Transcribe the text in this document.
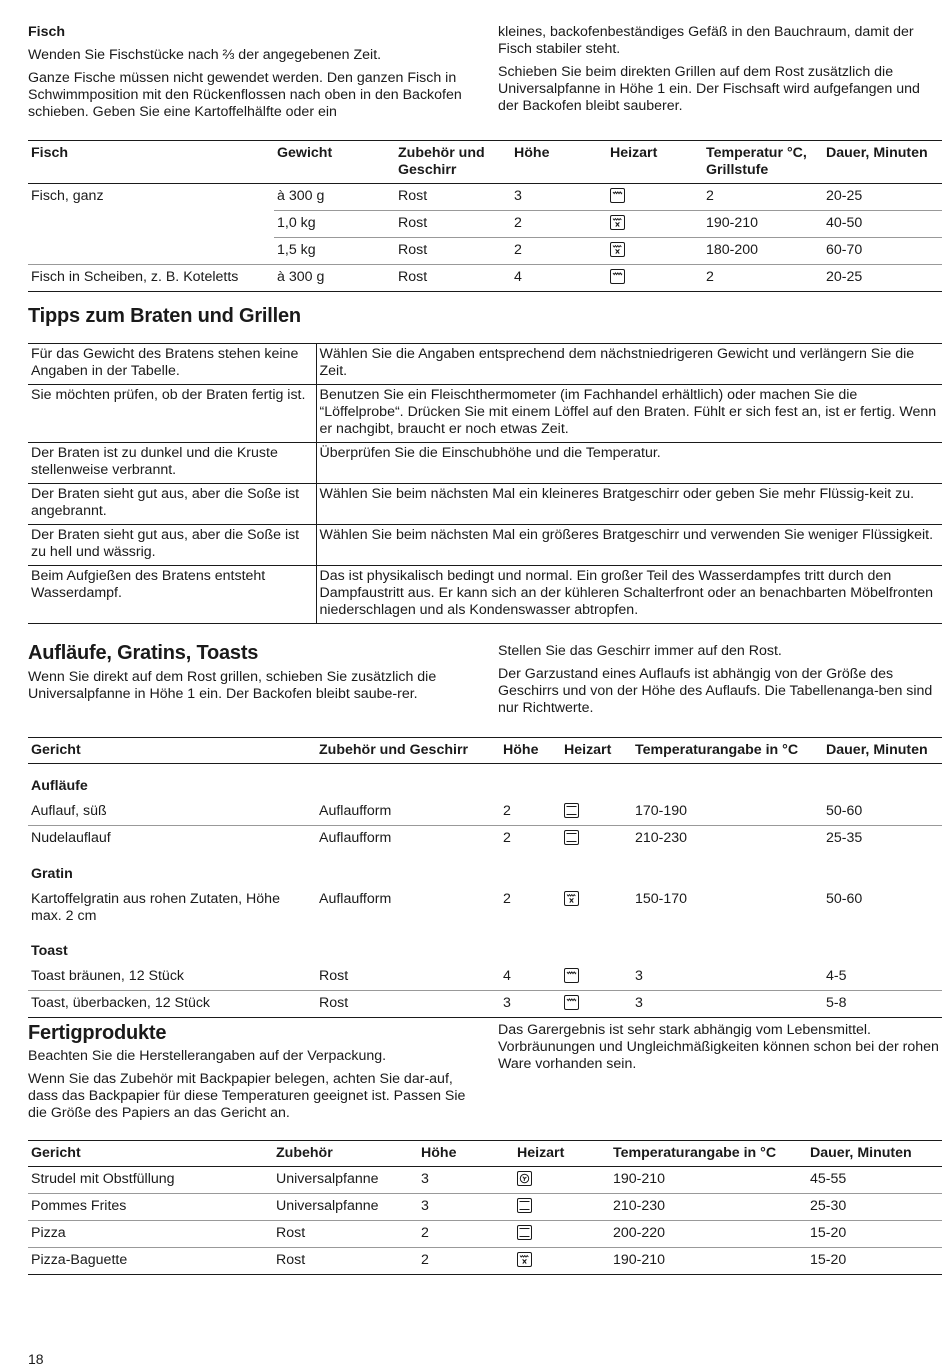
Fisch

Wenden Sie Fischstücke nach ⅔ der angegebenen Zeit.

Ganze Fische müssen nicht gewendet werden. Den ganzen Fisch in Schwimmposition mit den Rückenflossen nach oben in den Backofen schieben. Geben Sie eine Kartoffelhälfte oder ein

kleines, backofenbeständiges Gefäß in den Bauchraum, damit der Fisch stabiler steht.

Schieben Sie beim direkten Grillen auf dem Rost zusätzlich die Universalpfanne in Höhe 1 ein. Der Fischsaft wird aufgefangen und der Backofen bleibt sauberer.

Fisch	Gewicht	Zubehör und Geschirr	Höhe	Heizart	Temperatur °C, Grillstufe	Dauer, Minuten
Fisch, ganz	à 300 g	Rost	3		2	20-25
	1,0 kg	Rost	2		190-210	40-50
	1,5 kg	Rost	2		180-200	60-70
Fisch in Scheiben, z. B. Koteletts	à 300 g	Rost	4		2	20-25
Tipps zum Braten und Grillen
Für das Gewicht des Bratens stehen keine Angaben in der Tabelle.	Wählen Sie die Angaben entsprechend dem nächstniedrigeren Gewicht und verlängern Sie die Zeit.
Sie möchten prüfen, ob der Braten fertig ist.	Benutzen Sie ein Fleischthermometer (im Fachhandel erhältlich) oder machen Sie die “Löffelprobe“. Drücken Sie mit einem Löffel auf den Braten. Fühlt er sich fest an, ist er fertig. Wenn er nachgibt, braucht er noch etwas Zeit.
Der Braten ist zu dunkel und die Kruste stellenweise verbrannt.	Überprüfen Sie die Einschubhöhe und die Temperatur.
Der Braten sieht gut aus, aber die Soße ist angebrannt.	Wählen Sie beim nächsten Mal ein kleineres Bratgeschirr oder geben Sie mehr Flüssig-keit zu.
Der Braten sieht gut aus, aber die Soße ist zu hell und wässrig.	Wählen Sie beim nächsten Mal ein größeres Bratgeschirr und verwenden Sie weniger Flüssigkeit.
Beim Aufgießen des Bratens entsteht Wasserdampf.	Das ist physikalisch bedingt und normal. Ein großer Teil des Wasserdampfes tritt durch den Dampfaustritt aus. Er kann sich an der kühleren Schalterfront oder an benachbarten Möbelfronten niederschlagen und als Kondenswasser abtropfen.
Aufläufe, Gratins, Toasts

Wenn Sie direkt auf dem Rost grillen, schieben Sie zusätzlich die Universalpfanne in Höhe 1 ein. Der Backofen bleibt saube-rer.

Stellen Sie das Geschirr immer auf den Rost.

Der Garzustand eines Auflaufs ist abhängig von der Größe des Geschirrs und von der Höhe des Auflaufs. Die Tabellenanga-ben sind nur Richtwerte.

Gericht	Zubehör und Geschirr	Höhe	Heizart	Temperaturangabe in °C	Dauer, Minuten
Aufläufe					
Auflauf, süß	Auflaufform	2		170-190	50-60
Nudelauflauf	Auflaufform	2		210-230	25-35
Gratin					
Kartoffelgratin aus rohen Zutaten, Höhe max. 2 cm	Auflaufform	2		150-170	50-60
Toast					
Toast bräunen, 12 Stück	Rost	4		3	4-5
Toast, überbacken, 12 Stück	Rost	3		3	5-8
Fertigprodukte

Beachten Sie die Herstellerangaben auf der Verpackung.

Wenn Sie das Zubehör mit Backpapier belegen, achten Sie dar-auf, dass das Backpapier für diese Temperaturen geeignet ist. Passen Sie die Größe des Papiers an das Gericht an.

Das Garergebnis ist sehr stark abhängig vom Lebensmittel. Vorbräunungen und Ungleichmäßigkeiten können schon bei der rohen Ware vorhanden sein.

Gericht	Zubehör	Höhe	Heizart	Temperaturangabe in °C	Dauer, Minuten
Strudel mit Obstfüllung	Universalpfanne	3		190-210	45-55
Pommes Frites	Universalpfanne	3		210-230	25-30
Pizza	Rost	2		200-220	15-20
Pizza-Baguette	Rost	2		190-210	15-20
18
